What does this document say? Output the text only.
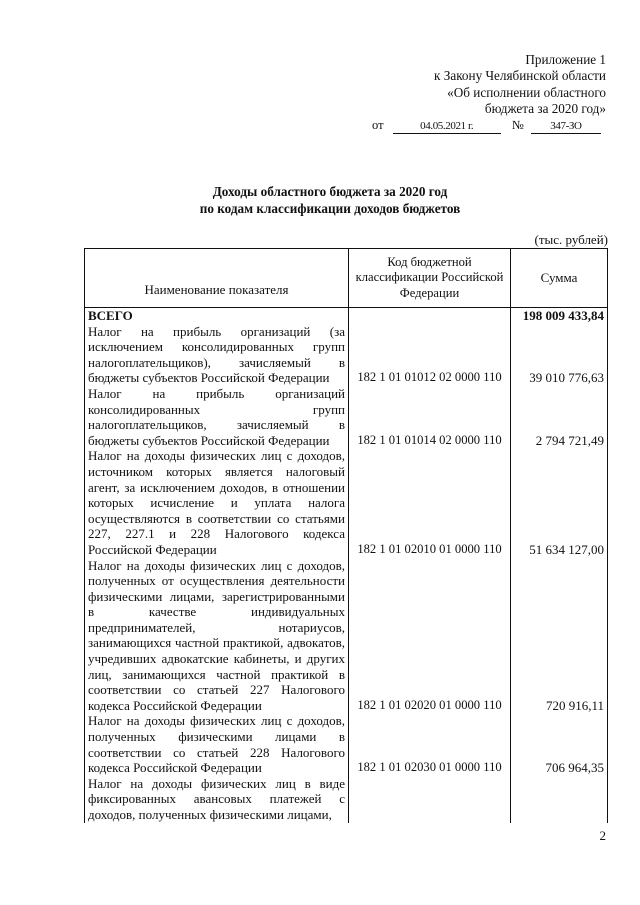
Приложение 1
к Закону Челябинской области
«Об исполнении областного
бюджета за 2020 год»
от	04.05.2021 г.	№ 347-ЗО
Доходы областного бюджета за 2020 год
по кодам классификации доходов бюджетов
(тыс. рублей)
Наименование показателя	Код бюджетной классификации Российской Федерации	Сумма
ВСЕГО		198 009 433,84
Налог на прибыль организаций (за исключением консолидированных групп налогоплательщиков), зачисляемый в бюджеты субъектов Российской Федерации	182 1 01 01012 02 0000 110	39 010 776,63
Налог на прибыль организаций консолидированных групп налогоплательщиков, зачисляемый в бюджеты субъектов Российской Федерации	182 1 01 01014 02 0000 110	2 794 721,49
Налог на доходы физических лиц с доходов, источником которых является налоговый агент, за исключением доходов, в отношении которых исчисление и уплата налога осуществляются в соответствии со статьями 227, 227.1 и 228 Налогового кодекса Российской Федерации	182 1 01 02010 01 0000 110	51 634 127,00
Налог на доходы физических лиц с доходов, полученных от осуществления деятельности физическими лицами, зарегистрированными в качестве индивидуальных предпринимателей, нотариусов, занимающихся частной практикой, адвокатов, учредивших адвокатские кабинеты, и других лиц, занимающихся частной практикой в соответствии со статьей 227 Налогового кодекса Российской Федерации	182 1 01 02020 01 0000 110	720 916,11
Налог на доходы физических лиц с доходов, полученных физическими лицами в соответствии со статьей 228 Налогового кодекса Российской Федерации	182 1 01 02030 01 0000 110	706 964,35
Налог на доходы физических лиц в виде фиксированных авансовых платежей с доходов, полученных физическими лицами,		
2
